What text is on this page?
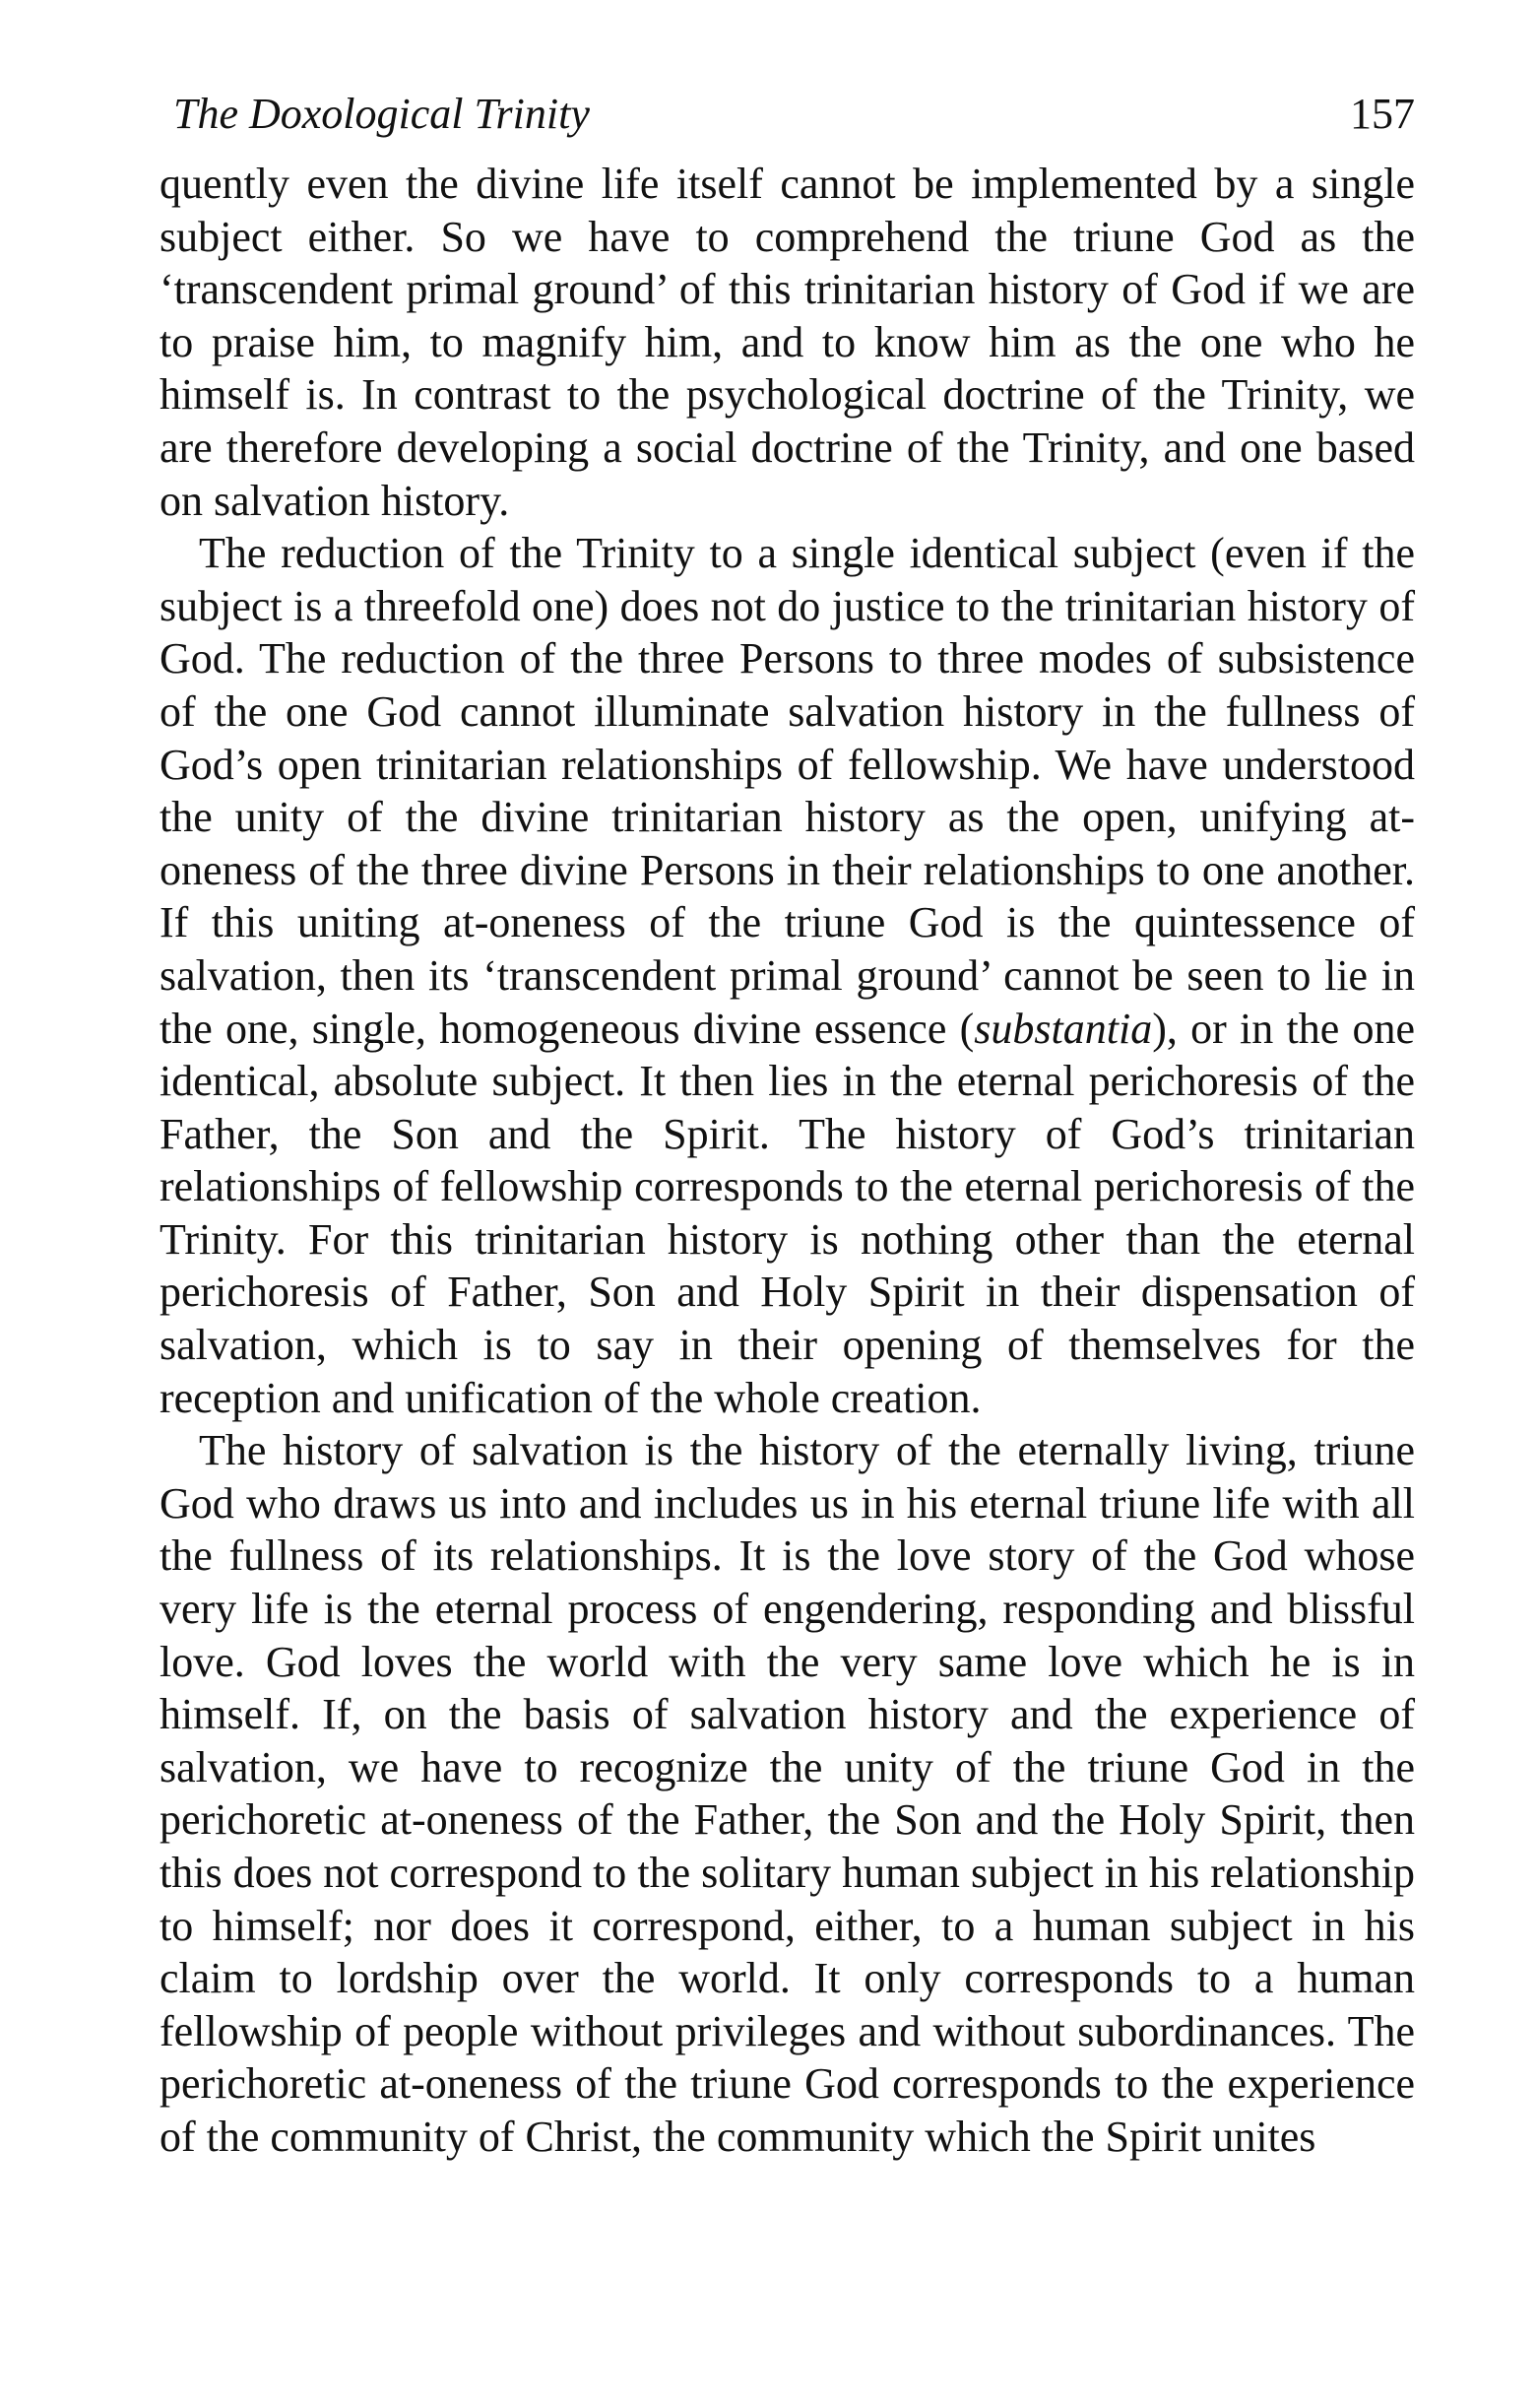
The Doxological Trinity	157

quently even the divine life itself cannot be implemented by a single subject either. So we have to comprehend the triune God as the ‘transcendent primal ground’ of this trinitarian history of God if we are to praise him, to magnify him, and to know him as the one who he himself is. In contrast to the psychological doctrine of the Trinity, we are therefore developing a social doctrine of the Trinity, and one based on salvation history.

The reduction of the Trinity to a single identical subject (even if the subject is a threefold one) does not do justice to the trinitarian history of God. The reduction of the three Persons to three modes of subsistence of the one God cannot illuminate salvation history in the fullness of God’s open trinitarian relationships of fellowship. We have understood the unity of the divine trinitarian history as the open, unifying at-oneness of the three divine Persons in their relationships to one another. If this uniting at-oneness of the triune God is the quintessence of salvation, then its ‘transcendent primal ground’ cannot be seen to lie in the one, single, homogeneous divine essence (substantia), or in the one identical, absolute subject. It then lies in the eternal perichoresis of the Father, the Son and the Spirit. The history of God’s trinitarian relationships of fellowship corresponds to the eternal perichoresis of the Trinity. For this trinitarian history is nothing other than the eternal perichoresis of Father, Son and Holy Spirit in their dispensation of salvation, which is to say in their opening of themselves for the reception and unification of the whole creation.

The history of salvation is the history of the eternally living, triune God who draws us into and includes us in his eternal triune life with all the fullness of its relationships. It is the love story of the God whose very life is the eternal process of engendering, responding and blissful love. God loves the world with the very same love which he is in himself. If, on the basis of salvation history and the experience of salvation, we have to recognize the unity of the triune God in the perichoretic at-oneness of the Father, the Son and the Holy Spirit, then this does not correspond to the solitary human subject in his relationship to himself; nor does it correspond, either, to a human subject in his claim to lordship over the world. It only corresponds to a human fellowship of people without privileges and without subordinances. The perichoretic at-oneness of the triune God corresponds to the experience of the community of Christ, the community which the Spirit unites
